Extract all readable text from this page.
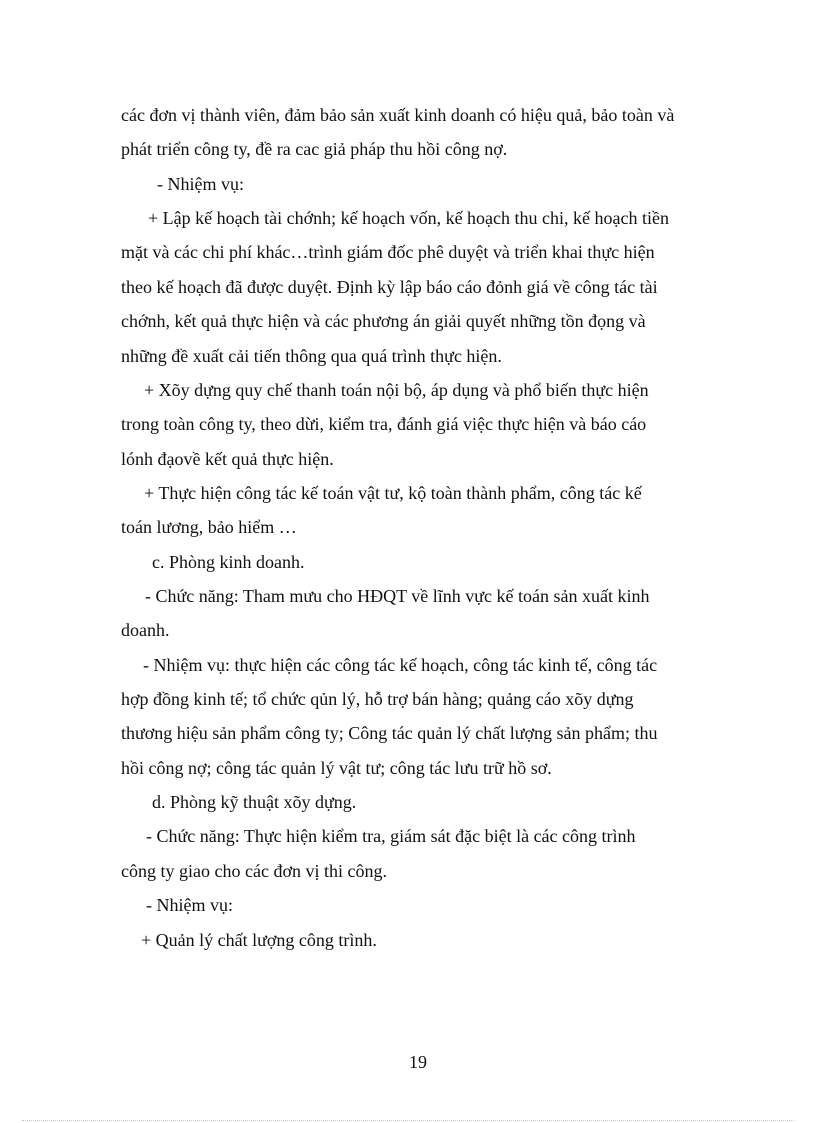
các đơn vị thành viên, đảm bảo sản xuất kinh doanh có hiệu quả, bảo toàn và
phát triển công ty, đề ra cac giả pháp thu hồi công nợ.
- Nhiệm vụ:
+ Lập kế hoạch tài chớnh; kế hoạch vốn, kế hoạch thu chi, kế hoạch tiền
mặt và các chi phí khác…trình giám đốc phê duyệt và triển khai thực hiện
theo kế hoạch đã được duyệt. Định kỳ lập báo cáo đỏnh giá về công tác tài
chớnh, kết quả thực hiện và các phương án giải quyết những tồn đọng và
những đề xuất cải tiến thông qua quá trình thực hiện.
+ Xõy dựng quy chế thanh toán nội bộ, áp dụng và phổ biến thực hiện
trong toàn công ty, theo dừi, kiểm tra, đánh giá việc thực hiện và báo cáo
lónh đạovề kết quả thực hiện.
+ Thực hiện công tác kế toán vật tư, kộ toàn thành phẩm, công tác kế
toán lương, bảo hiểm …
c. Phòng kinh doanh.
- Chức năng: Tham mưu cho HĐQT về lĩnh vực kế toán sản xuất kinh
doanh.
- Nhiệm vụ: thực hiện các công tác kế hoạch, công tác kinh tế, công tác
hợp đồng kinh tế; tổ chức qủn lý, hỗ trợ bán hàng; quảng cáo xõy dựng
thương hiệu sản phẩm công ty; Công tác quản lý chất lượng sản phẩm; thu
hồi công nợ; công tác quản lý vật tư; công tác lưu trữ hồ sơ.
d. Phòng kỹ thuật xõy dựng.
- Chức năng: Thực hiện kiểm tra, giám sát đặc biệt là các công trình
công ty giao cho các đơn vị thi công.
- Nhiệm vụ:
+ Quản lý chất lượng công trình.
19
